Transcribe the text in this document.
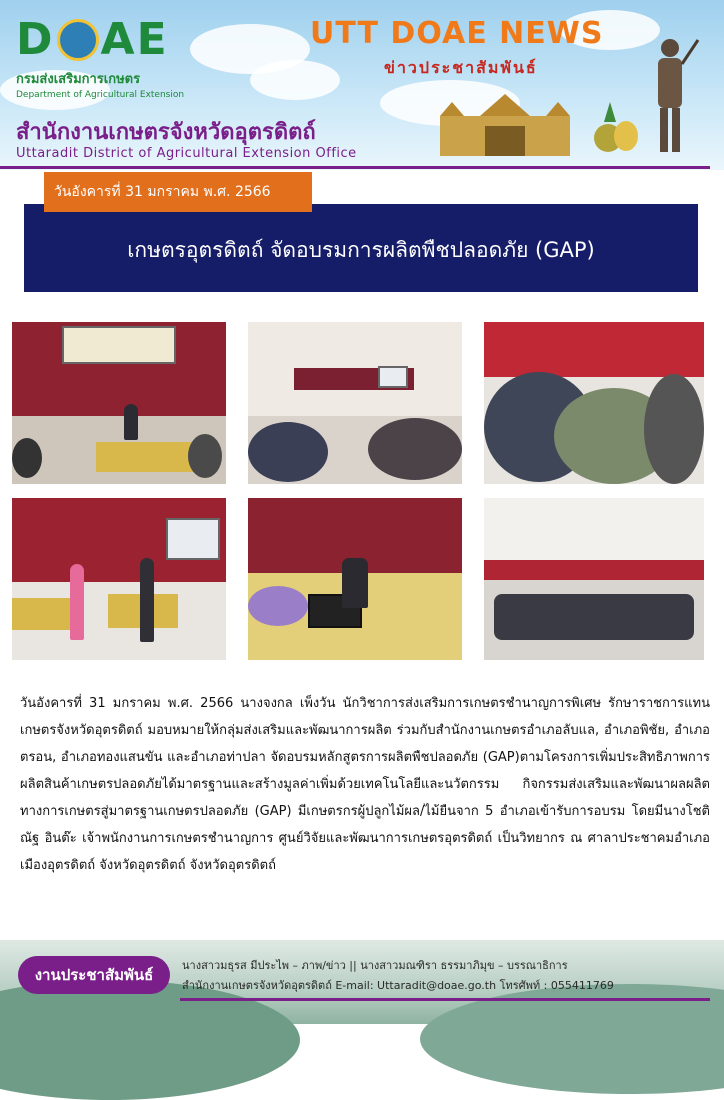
D AE
กรมส่งเสริมการเกษตร
Department of Agricultural Extension
UTT DOAE NEWS
ข่าวประชาสัมพันธ์
สำนักงานเกษตรจังหวัดอุตรดิตถ์
Uttaradit District of Agricultural Extension Office
เกษตรอุตรดิตถ์ จัดอบรมการผลิตพืชปลอดภัย (GAP)
วันอังคารที่ 31 มกราคม พ.ศ. 2566
วันอังคารที่ 31 มกราคม พ.ศ. 2566 นางจงกล เพ็งวัน นักวิชาการส่งเสริมการเกษตรชำนาญการพิเศษ รักษาราชการแทนเกษตรจังหวัดอุตรดิตถ์ มอบหมายให้กลุ่มส่งเสริมและพัฒนาการผลิต ร่วมกับสำนักงานเกษตรอำเภอลับแล, อำเภอพิชัย, อำเภอตรอน, อำเภอทองแสนขัน และอำเภอท่าปลา จัดอบรมหลักสูตรการผลิตพืชปลอดภัย (GAP)ตามโครงการเพิ่มประสิทธิภาพการผลิตสินค้าเกษตรปลอดภัยได้มาตรฐานและสร้างมูลค่าเพิ่มด้วยเทคโนโลยีและนวัตกรรม กิจกรรมส่งเสริมและพัฒนาผลผลิตทางการเกษตรสู่มาตรฐานเกษตรปลอดภัย (GAP) มีเกษตรกรผู้ปลูกไม้ผล/ไม้ยืนจาก 5 อำเภอเข้ารับการอบรม โดยมีนางโชติณัฐ อินต๊ะ เจ้าพนักงานการเกษตรชำนาญการ ศูนย์วิจัยและพัฒนาการเกษตรอุตรดิตถ์ เป็นวิทยากร ณ ศาลาประชาคมอำเภอเมืองอุตรดิตถ์ จังหวัดอุตรดิตถ์ จังหวัดอุตรดิตถ์
งานประชาสัมพันธ์
นางสาวมธุรส มีประไพ – ภาพ/ข่าว || นางสาวมณฑิรา ธรรมาภิมุข – บรรณาธิการ
สำนักงานเกษตรจังหวัดอุตรดิตถ์ E-mail: Uttaradit@doae.go.th โทรศัพท์ : 055411769
